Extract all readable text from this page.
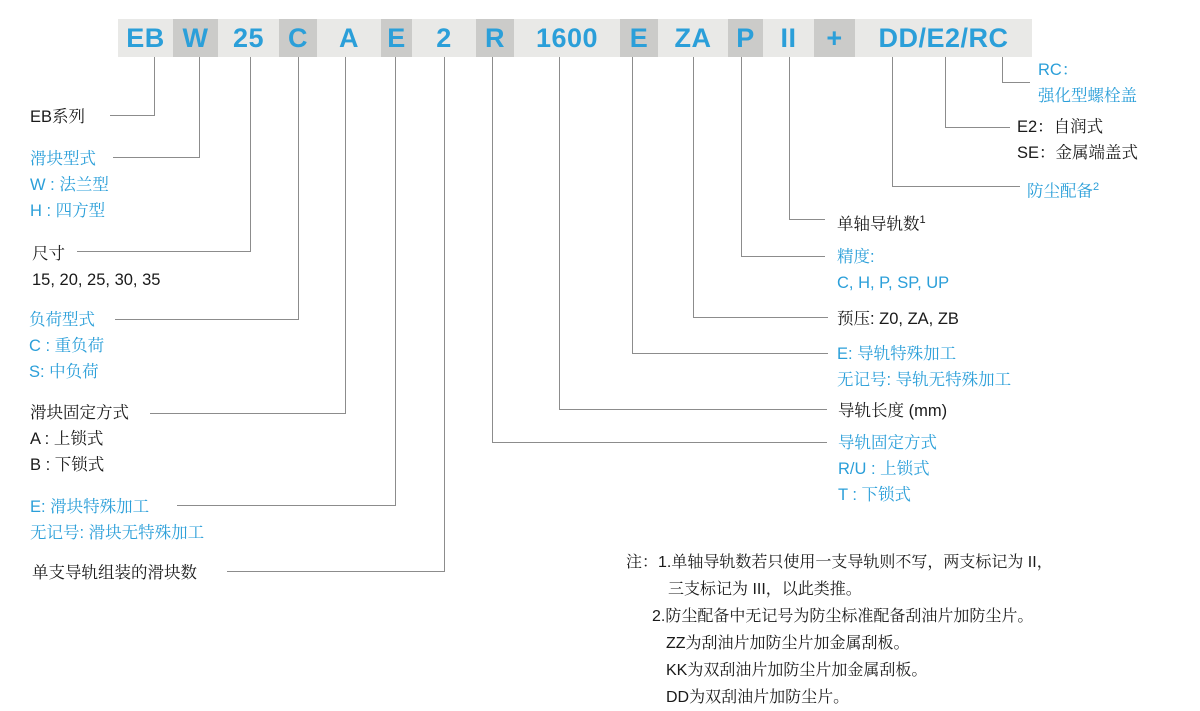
EB W 25 C	A	E	2	R	1600	E ZA P II	+	DD/E2/RC
EB系列
滑块型式
W : 法兰型
H : 四方型
尺寸
15, 20, 25, 30, 35
负荷型式
C : 重负荷
S: 中负荷
滑块固定方式
A : 上锁式
B : 下锁式
E: 滑块特殊加工
无记号: 滑块无特殊加工
单支导轨组装的滑块数
RC：
强化型螺栓盖
E2：自润式
SE：金属端盖式
防尘配备$^2$
单轴导轨数$^1$
精度:
C, H, P, SP, UP
预压: Z0, ZA, ZB
E: 导轨特殊加工
无记号: 导轨无特殊加工
导轨长度 (mm)
导轨固定方式
R/U : 上锁式
T : 下锁式
注：1.单轴导轨数若只使用一支导轨则不写，两支标记为 II，
三支标记为 III，以此类推。
2.防尘配备中无记号为防尘标准配备刮油片加防尘片。
ZZ为刮油片加防尘片加金属刮板。
KK为双刮油片加防尘片加金属刮板。
DD为双刮油片加防尘片。
